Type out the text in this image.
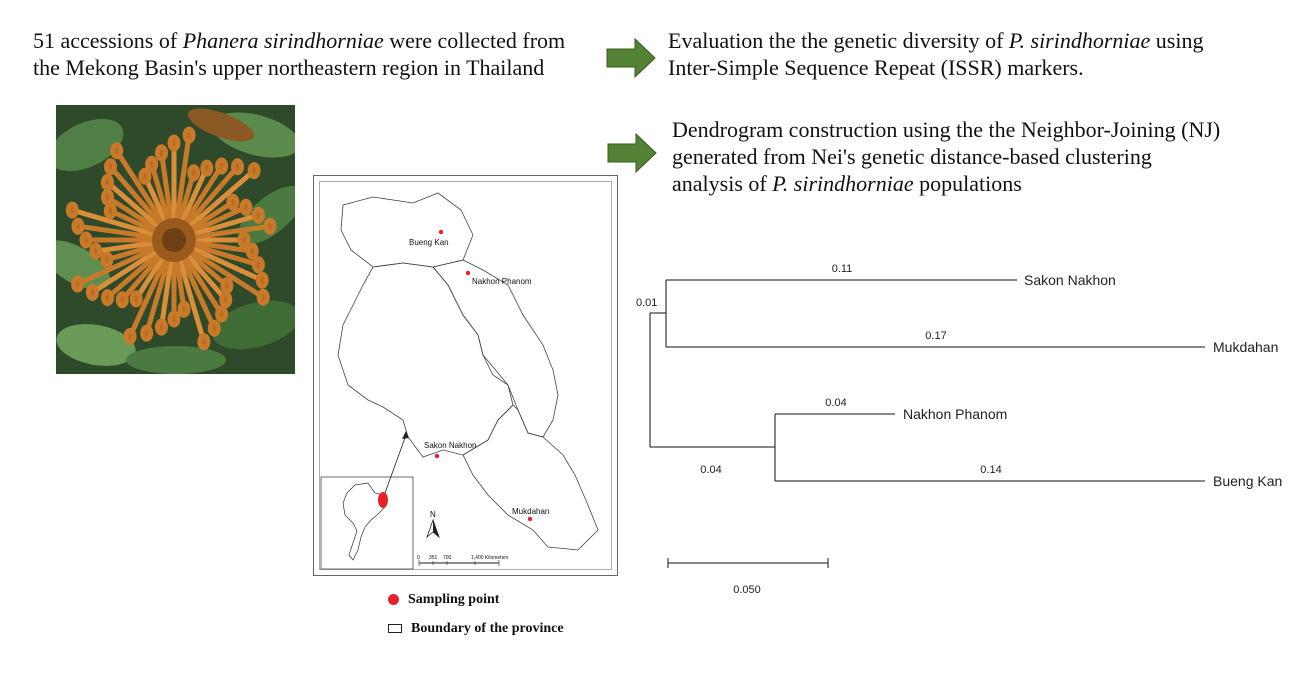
51 accessions of Phanera sirindhorniae were collected from
the Mekong Basin's upper northeastern region in Thailand

Evaluation the the genetic diversity of P. sirindhorniae using
Inter-Simple Sequence Repeat (ISSR) markers.

Dendrogram construction using the the Neighbor-Joining (NJ)
generated from Nei's genetic distance-based clustering
analysis of P. sirindhorniae populations

Bueng Kan
Nakhon Phanom
Sakon Nakhon
Mukdahan
N
0 351 700	1,400 Kilometers
Sampling point
Boundary of the province
0.01
0.11
0.17
0.04
0.14
0.04
Sakon Nakhon
Mukdahan
Nakhon Phanom
Bueng Kan
0.050
